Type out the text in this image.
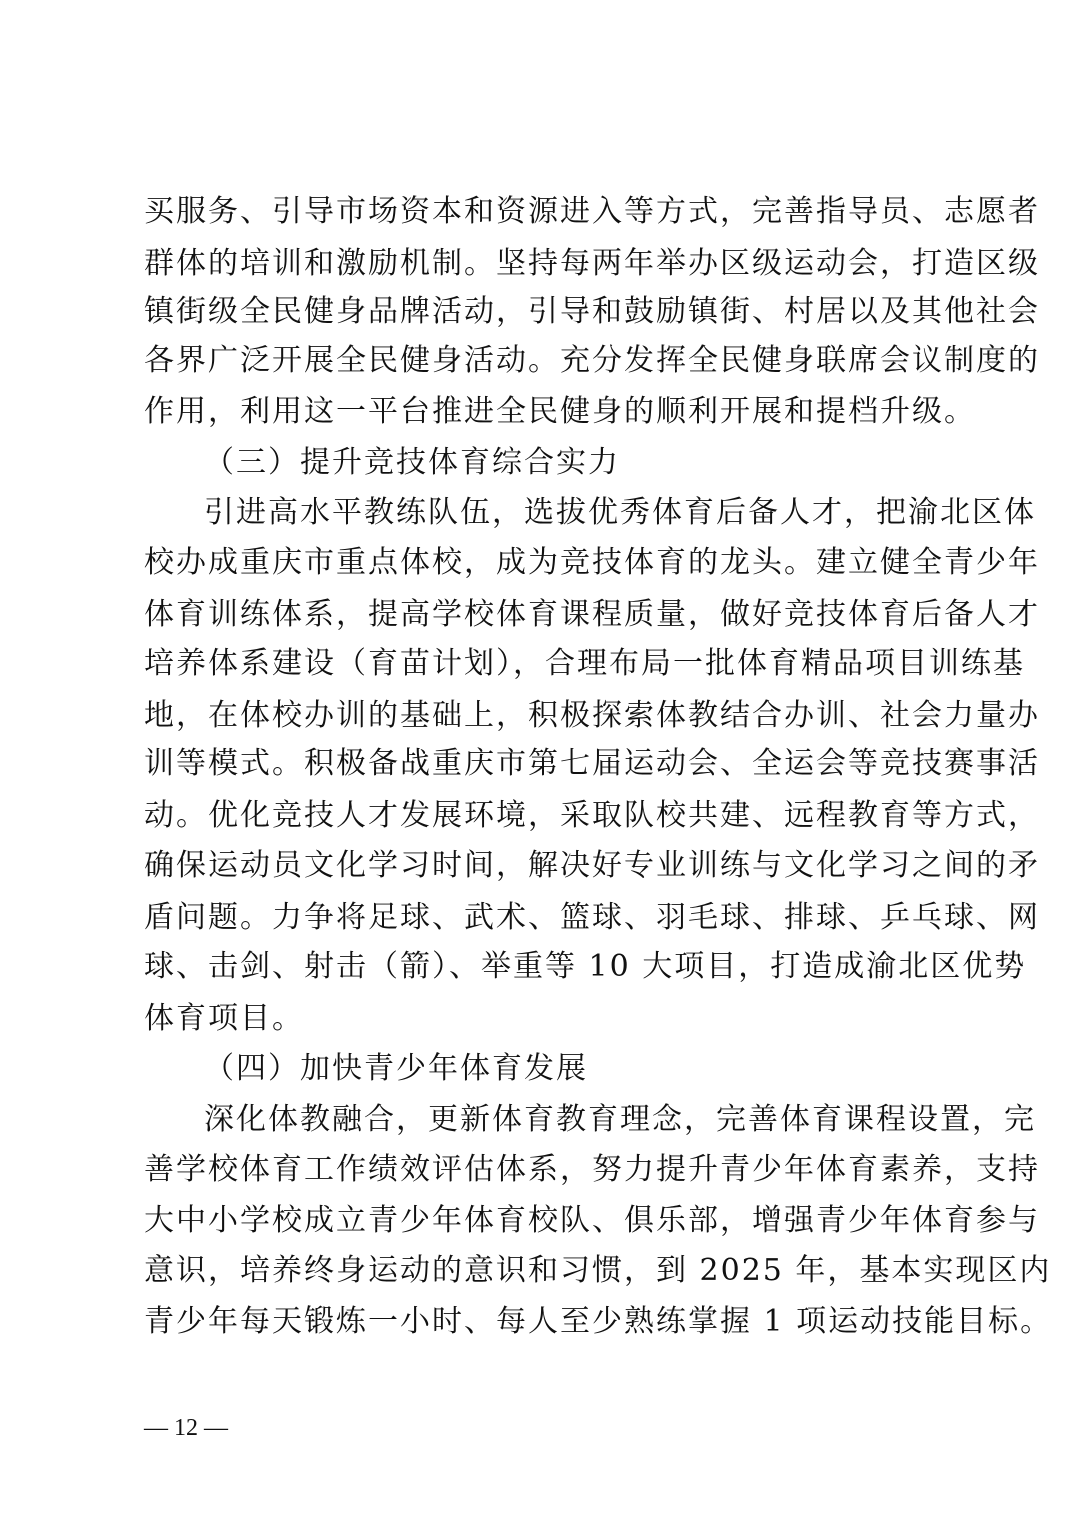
买服务、引导市场资本和资源进入等方式，完善指导员、志愿者
群体的培训和激励机制。坚持每两年举办区级运动会，打造区级
镇街级全民健身品牌活动，引导和鼓励镇街、村居以及其他社会
各界广泛开展全民健身活动。充分发挥全民健身联席会议制度的
作用，利用这一平台推进全民健身的顺利开展和提档升级。
（三）提升竞技体育综合实力
引进高水平教练队伍，选拔优秀体育后备人才，把渝北区体
校办成重庆市重点体校，成为竞技体育的龙头。建立健全青少年
体育训练体系，提高学校体育课程质量，做好竞技体育后备人才
培养体系建设（育苗计划），合理布局一批体育精品项目训练基
地，在体校办训的基础上，积极探索体教结合办训、社会力量办
训等模式。积极备战重庆市第七届运动会、全运会等竞技赛事活
动。优化竞技人才发展环境，采取队校共建、远程教育等方式，
确保运动员文化学习时间，解决好专业训练与文化学习之间的矛
盾问题。力争将足球、武术、篮球、羽毛球、排球、乒乓球、网
球、击剑、射击（箭）、举重等 10 大项目，打造成渝北区优势
体育项目。
（四）加快青少年体育发展
深化体教融合，更新体育教育理念，完善体育课程设置，完
善学校体育工作绩效评估体系，努力提升青少年体育素养，支持
大中小学校成立青少年体育校队、俱乐部，增强青少年体育参与
意识，培养终身运动的意识和习惯，到 2025 年，基本实现区内
青少年每天锻炼一小时、每人至少熟练掌握 1 项运动技能目标。
— 12 —
